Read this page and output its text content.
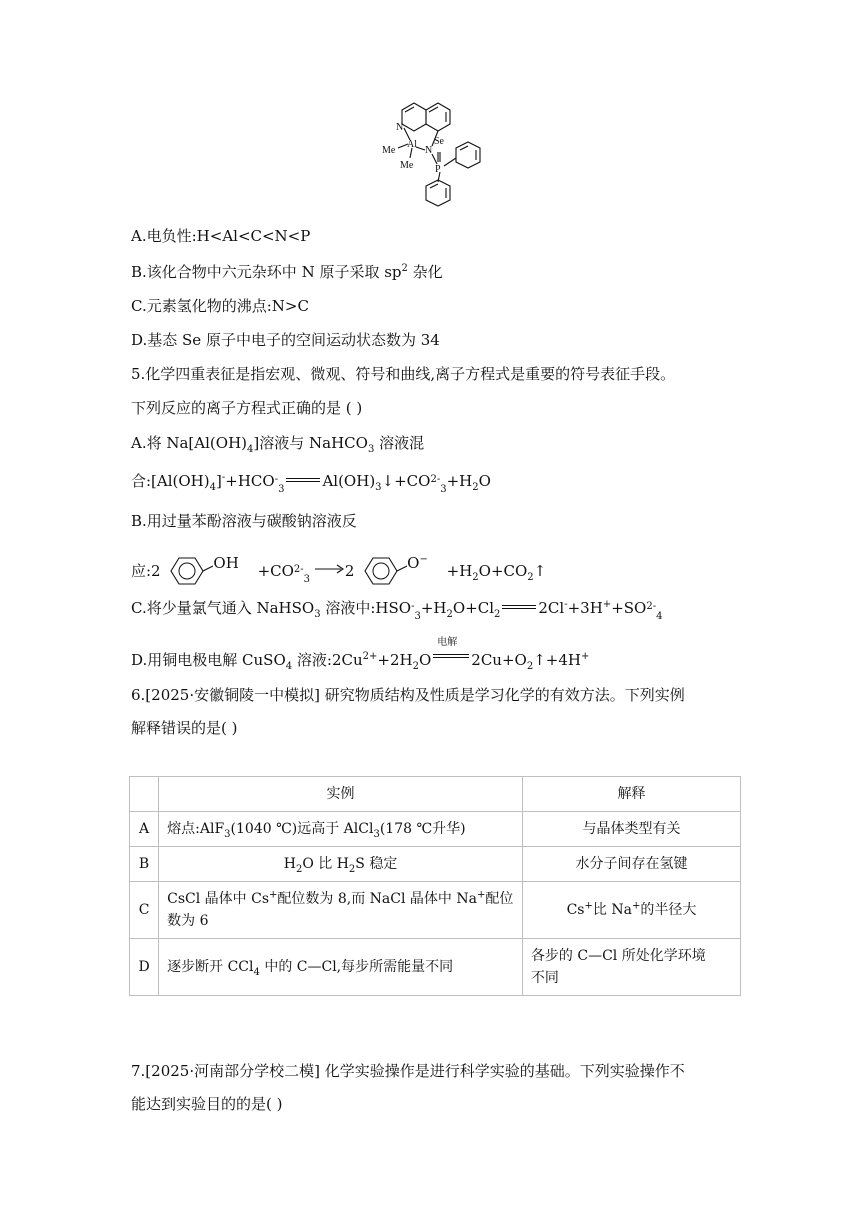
N
Al
Me
Me
N
Se
P
A.电负性:H<Al<C<N<P
B.该化合物中六元杂环中 N 原子采取 $sp^2$ 杂化
C.元素氢化物的沸点:N>C
D.基态 Se 原子中电子的空间运动状态数为 34
5.化学四重表征是指宏观、微观、符号和曲线,离子方程式是重要的符号表征手段。
下列反应的离子方程式正确的是 ( )
A.将 $Na[Al(OH)_4]$溶液与 NaHCO$_3$ 溶液混
合$:[Al(OH)_4]^-+HCO^-_3$	$Al(OH)_3↓+CO^{2-}_3+H_2O$
B.用过量苯酚溶液与碳酸钠溶液反
应:2	OH $+CO^{2-}_3 \to 2$	$O^- +H_2O+CO_2↑$
C.将少量氯气通入 NaHSO$_3$ 溶液中$:HSO^-_3+H_2O+Cl_2$	$2Cl^-+3H^++SO^{2-}_4$
D.用铜电极电解 CuSO$_4$ 溶液$:2Cu^{2+}+2H_2O$
电解
$2Cu+O_2↑+4H^+$
6.[2025·安徽铜陵一中模拟] 研究物质结构及性质是学习化学的有效方法。下列实例
解释错误的是( )
	实例	解释
A	熔点:AlF$_3$(1040 ℃)远高于 AlCl$_3$(178 ℃升华)	与晶体类型有关
B	$H_2O$ 比 $H_2S$ 稳定	水分子间存在氢键
C	CsCl 晶体中 Cs+配位数为 8,而 NaCl 晶体中 Na+配位
数为 6	Cs+比 Na+的半径大
D	逐步断开 CCl$_4$ 中的 C—Cl,每步所需能量不同	各步的 C—Cl 所处化学环境
不同
7.[2025·河南部分学校二模] 化学实验操作是进行科学实验的基础。下列实验操作不
能达到实验目的的是( )
